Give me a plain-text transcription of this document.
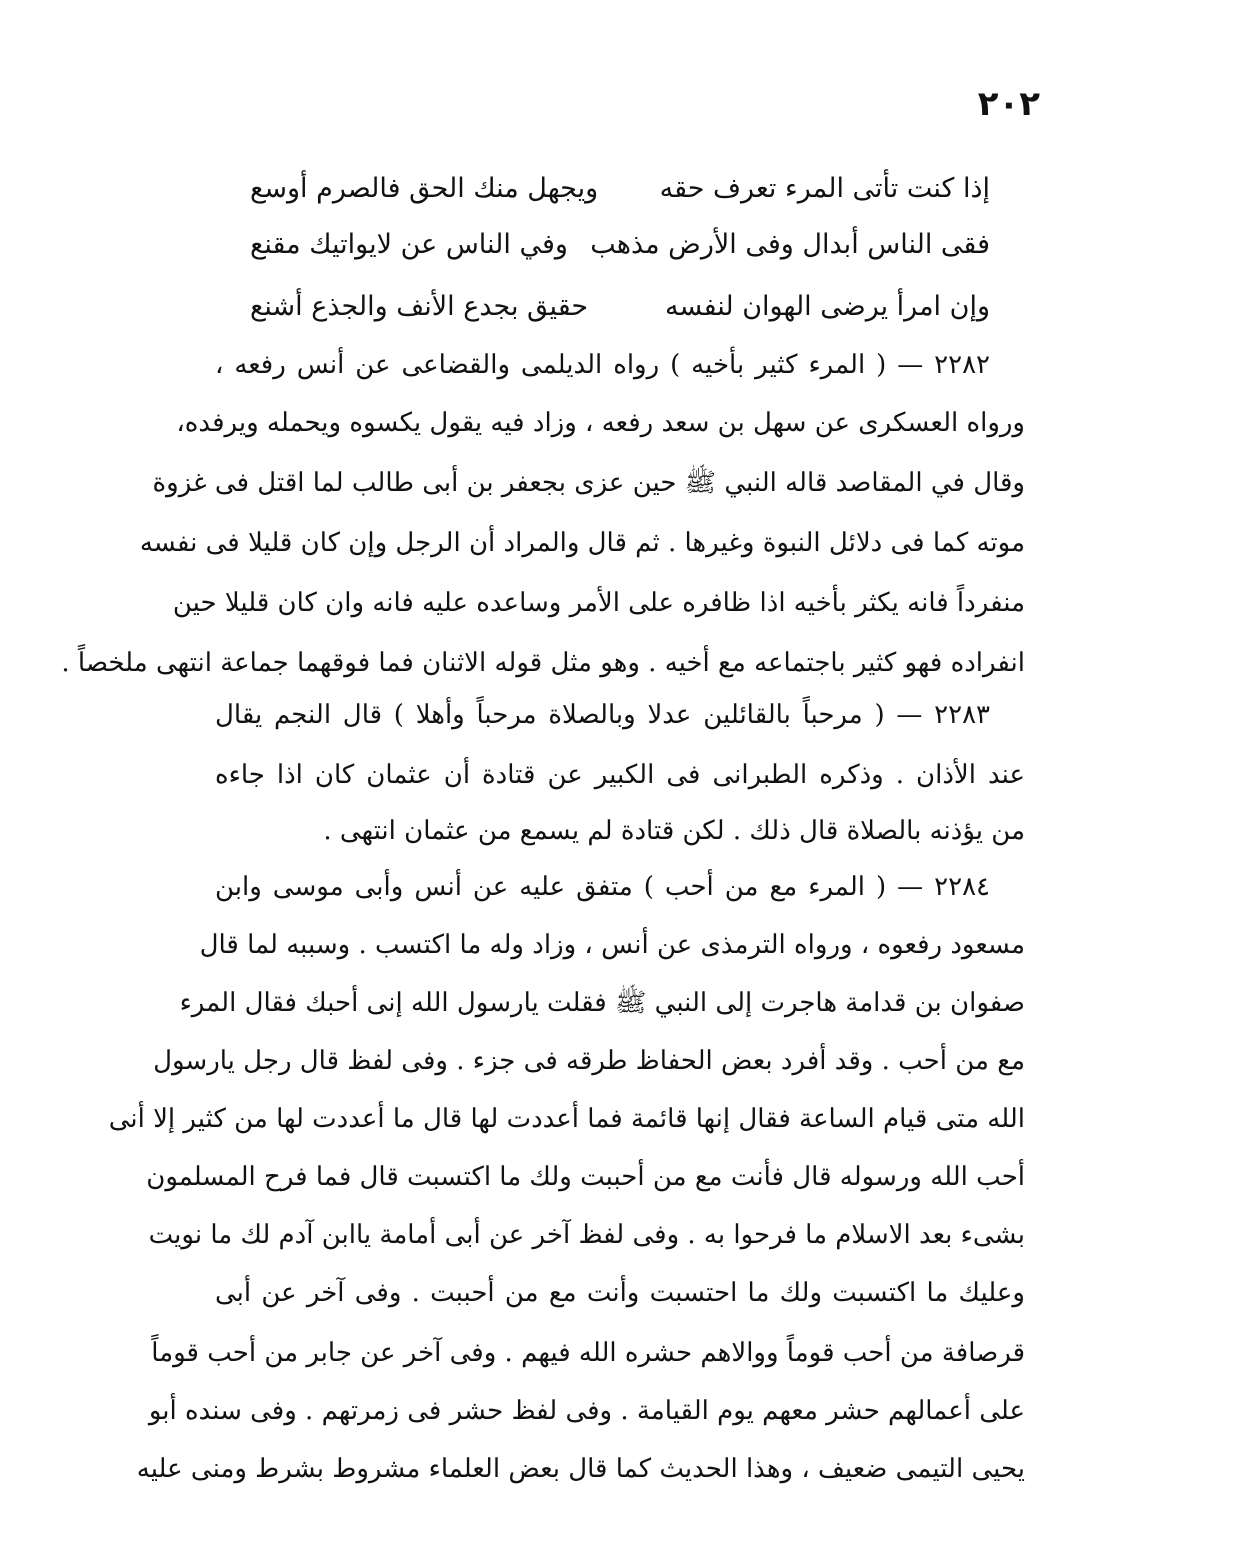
٢٠٢
إذا كنت تأتى المرء تعرف حقه
ويجهل منك الحق فالصرم أوسع
فقى الناس أبدال وفى الأرض مذهب
وفي الناس عن لايواتيك مقنع
وإن امرأ يرضى الهوان لنفسه
حقيق بجدع الأنف والجذع أشنع
٢٢٨٢ — ( المرء كثير بأخيه ) رواه الديلمى والقضاعى عن أنس رفعه ،
ورواه العسكرى عن سهل بن سعد رفعه ، وزاد فيه يقول يكسوه ويحمله ويرفده،
وقال في المقاصد قاله النبي ﷺ حين عزى بجعفر بن أبى طالب لما اقتل فى غزوة
موته كما فى دلائل النبوة وغيرها . ثم قال والمراد أن الرجل وإن كان قليلا فى نفسه
منفرداً فانه يكثر بأخيه اذا ظافره على الأمر وساعده عليه فانه وان كان قليلا حين
انفراده فهو كثير باجتماعه مع أخيه . وهو مثل قوله الاثنان فما فوقهما جماعة انتهى ملخصاً .
٢٢٨٣ — ( مرحباً بالقائلين عدلا وبالصلاة مرحباً وأهلا ) قال النجم يقال
عند الأذان . وذكره الطبرانى فى الكبير عن قتادة أن عثمان كان اذا جاءه
من يؤذنه بالصلاة قال ذلك . لكن قتادة لم يسمع من عثمان انتهى .
٢٢٨٤ — ( المرء مع من أحب ) متفق عليه عن أنس وأبى موسى وابن
مسعود رفعوه ، ورواه الترمذى عن أنس ، وزاد وله ما اكتسب . وسببه لما قال
صفوان بن قدامة هاجرت إلى النبي ﷺ فقلت يارسول الله إنى أحبك فقال المرء
مع من أحب . وقد أفرد بعض الحفاظ طرقه فى جزء . وفى لفظ قال رجل يارسول
الله متى قيام الساعة فقال إنها قائمة فما أعددت لها قال ما أعددت لها من كثير إلا أنى
أحب الله ورسوله قال فأنت مع من أحببت ولك ما اكتسبت قال فما فرح المسلمون
بشىء بعد الاسلام ما فرحوا به . وفى لفظ آخر عن أبى أمامة ياابن آدم لك ما نويت
وعليك ما اكتسبت ولك ما احتسبت وأنت مع من أحببت . وفى آخر عن أبى
قرصافة من أحب قوماً ووالاهم حشره الله فيهم . وفى آخر عن جابر من أحب قوماً
على أعمالهم حشر معهم يوم القيامة . وفى لفظ حشر فى زمرتهم . وفى سنده أبو
يحيى التيمى ضعيف ، وهذا الحديث كما قال بعض العلماء مشروط بشرط ومنى عليه
